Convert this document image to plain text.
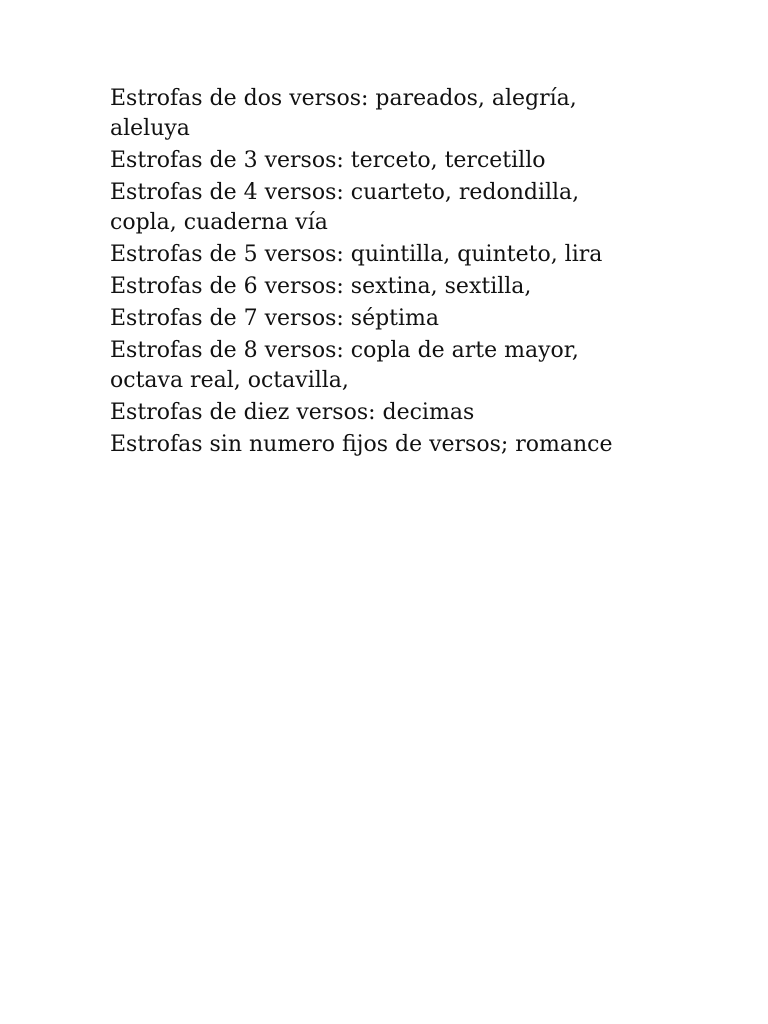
Estrofas de dos versos: pareados, alegría, aleluya
Estrofas de 3 versos: terceto, tercetillo
Estrofas de 4 versos: cuarteto, redondilla, copla, cuaderna vía
Estrofas de 5 versos: quintilla, quinteto, lira
Estrofas de 6 versos: sextina, sextilla,
Estrofas de 7 versos: séptima
Estrofas de 8 versos: copla de arte mayor, octava real, octavilla,
Estrofas de diez versos: decimas
Estrofas sin numero fijos de versos; romance
